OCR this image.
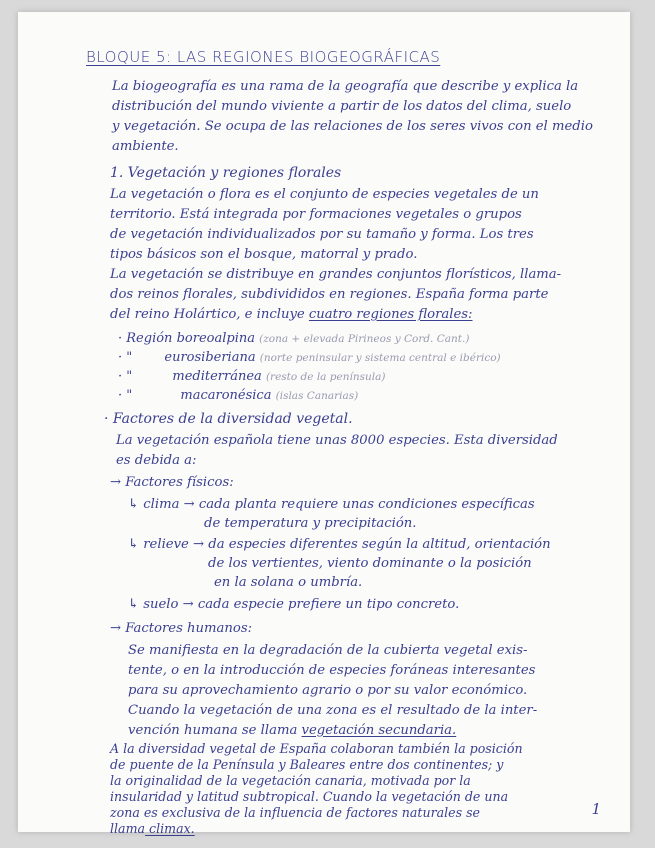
BLOQUE 5: LAS REGIONES BIOGEOGRÁFICAS
La biogeografía es una rama de la geografía que describe y explica la
distribución del mundo viviente a partir de los datos del clima, suelo
y vegetación. Se ocupa de las relaciones de los seres vivos con el medio
ambiente.
1. Vegetación y regiones florales
La vegetación o flora es el conjunto de especies vegetales de un
territorio. Está integrada por formaciones vegetales o grupos
de vegetación individualizados por su tamaño y forma. Los tres
tipos básicos son el bosque, matorral y prado.
La vegetación se distribuye en grandes conjuntos florísticos, llama-
dos reinos florales, subdivididos en regiones. España forma parte
del reino Holártico, e incluye cuatro regiones florales:
· Región boreoalpina (zona + elevada Pirineos y Cord. Cant.)
· " eurosiberiana (norte peninsular y sistema central e ibérico)
· "	mediterránea (resto de la península)
· "	macaronésica (islas Canarias)
· Factores de la diversidad vegetal.
La vegetación española tiene unas 8000 especies. Esta diversidad
es debida a:
→ Factores físicos:
↳ clima → cada planta requiere unas condiciones específicas
de temperatura y precipitación.
↳ relieve → da especies diferentes según la altitud, orientación
de los vertientes, viento dominante o la posición
en la solana o umbría.
↳ suelo → cada especie prefiere un tipo concreto.
→ Factores humanos:
Se manifiesta en la degradación de la cubierta vegetal exis-
tente, o en la introducción de especies foráneas interesantes
para su aprovechamiento agrario o por su valor económico.
Cuando la vegetación de una zona es el resultado de la inter-
vención humana se llama vegetación secundaria.
1
A la diversidad vegetal de España colaboran también la posición
de puente de la Península y Baleares entre dos continentes; y
la originalidad de la vegetación canaria, motivada por la
insularidad y latitud subtropical. Cuando la vegetación de una
zona es exclusiva de la influencia de factores naturales se
llama climax.
